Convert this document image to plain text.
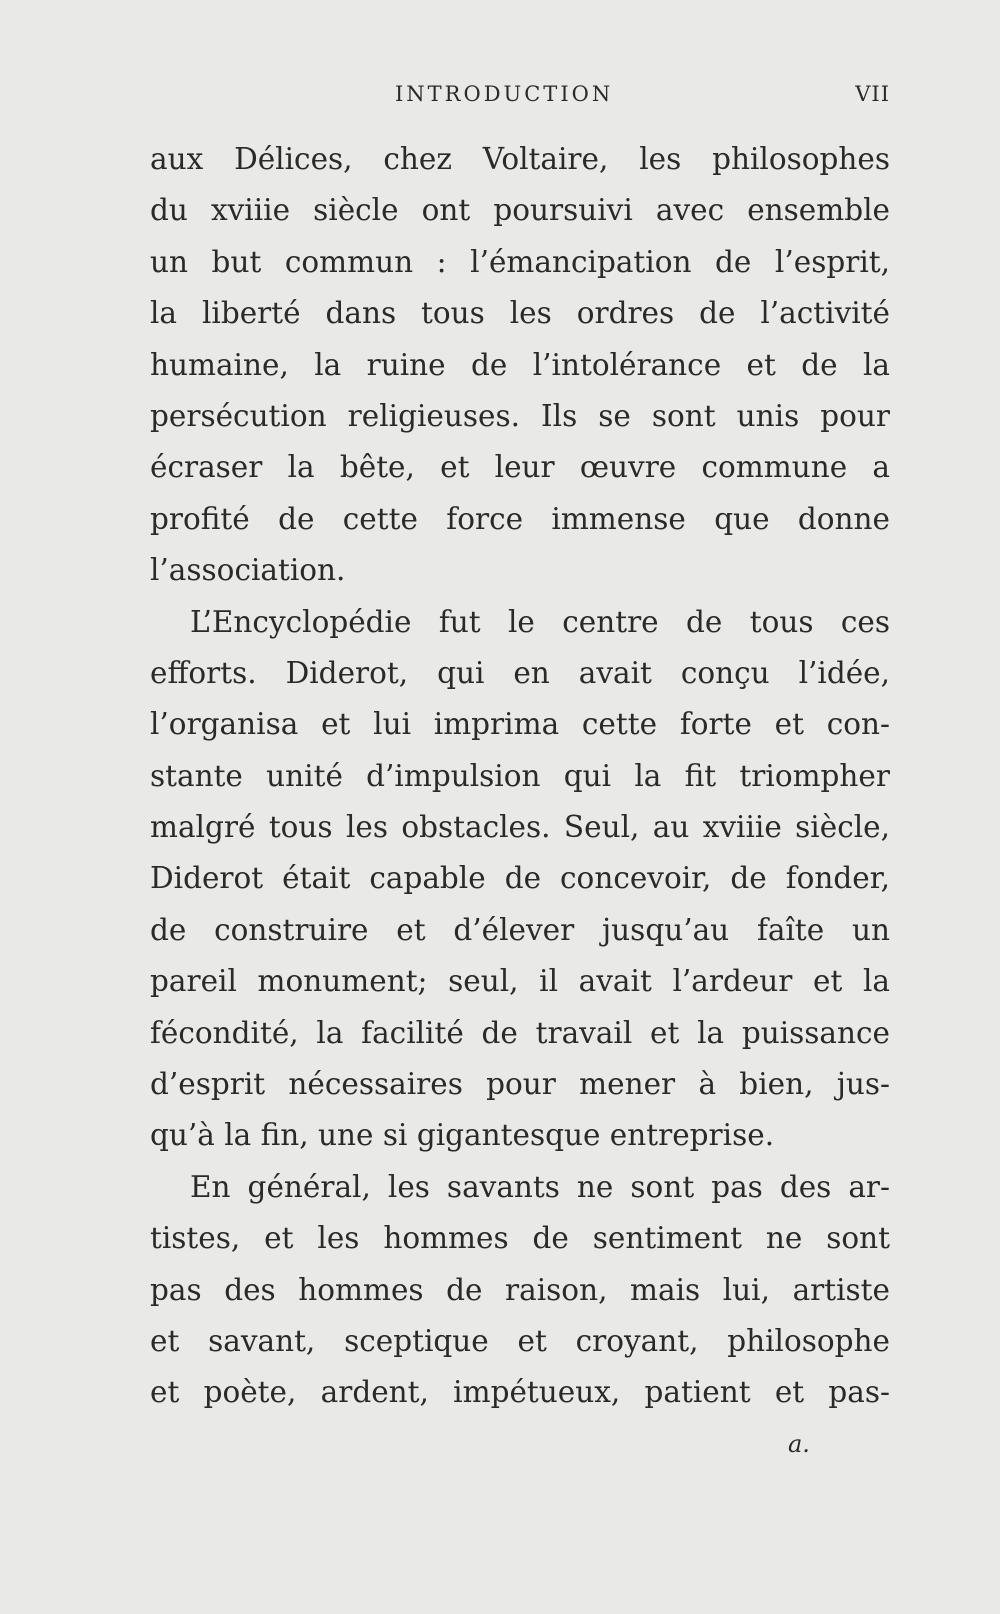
INTRODUCTION	VII
aux Délices, chez Voltaire, les philosophes
du xviiie siècle ont poursuivi avec ensemble
un but commun : l’émancipation de l’esprit,
la liberté dans tous les ordres de l’activité
humaine, la ruine de l’intolérance et de la
persécution religieuses. Ils se sont unis pour
écraser la bête, et leur œuvre commune a
profité de cette force immense que donne
l’association.
L’Encyclopédie fut le centre de tous ces
efforts. Diderot, qui en avait conçu l’idée,
l’organisa et lui imprima cette forte et con-
stante unité d’impulsion qui la fit triompher
malgré tous les obstacles. Seul, au xviiie siècle,
Diderot était capable de concevoir, de fonder,
de construire et d’élever jusqu’au faîte un
pareil monument; seul, il avait l’ardeur et la
fécondité, la facilité de travail et la puissance
d’esprit nécessaires pour mener à bien, jus-
qu’à la fin, une si gigantesque entreprise.
En général, les savants ne sont pas des ar-
tistes, et les hommes de sentiment ne sont
pas des hommes de raison, mais lui, artiste
et savant, sceptique et croyant, philosophe
et poète, ardent, impétueux, patient et pas-
a.
